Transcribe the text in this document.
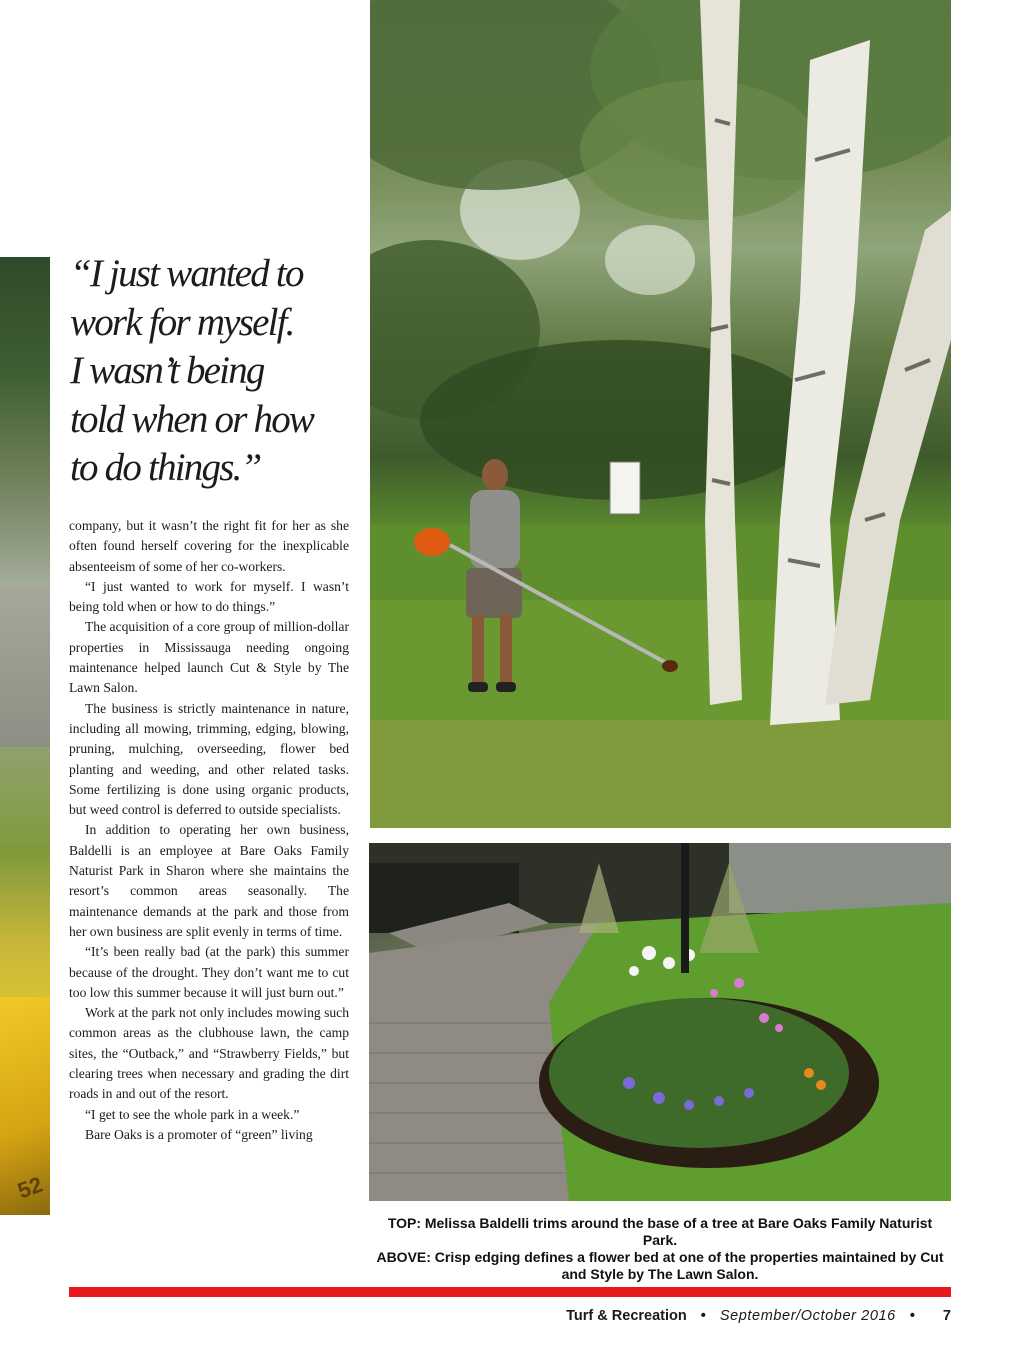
52
“I just wanted to
work for myself.
I wasn’t being
told when or how
to do things.”

company, but it wasn’t the right fit for her as she often found herself covering for the inexplicable absenteeism of some of her co-workers.

“I just wanted to work for myself. I wasn’t being told when or how to do things.”

The acquisition of a core group of million-dollar properties in Mississauga needing ongoing maintenance helped launch Cut & Style by The Lawn Salon.

The business is strictly maintenance in nature, including all mowing, trimming, edging, blowing, pruning, mulching, overseeding, flower bed planting and weeding, and other related tasks. Some fertilizing is done using organic products, but weed control is deferred to outside specialists.

In addition to operating her own business, Baldelli is an employee at Bare Oaks Family Naturist Park in Sharon where she maintains the resort’s common areas seasonally. The maintenance demands at the park and those from her own business are split evenly in terms of time.

“It’s been really bad (at the park) this summer because of the drought. They don’t want me to cut too low this summer because it will just burn out.”

Work at the park not only includes mowing such common areas as the clubhouse lawn, the camp sites, the “Outback,” and “Strawberry Fields,” but clearing trees when necessary and grading the dirt roads in and out of the resort.

“I get to see the whole park in a week.”

Bare Oaks is a promoter of “green” living

TOP: Melissa Baldelli trims around the base of a tree at Bare Oaks Family Naturist Park.
ABOVE: Crisp edging defines a flower bed at one of the properties maintained by Cut
and Style by The Lawn Salon.
Turf & Recreation • September/October 2016 • 7
